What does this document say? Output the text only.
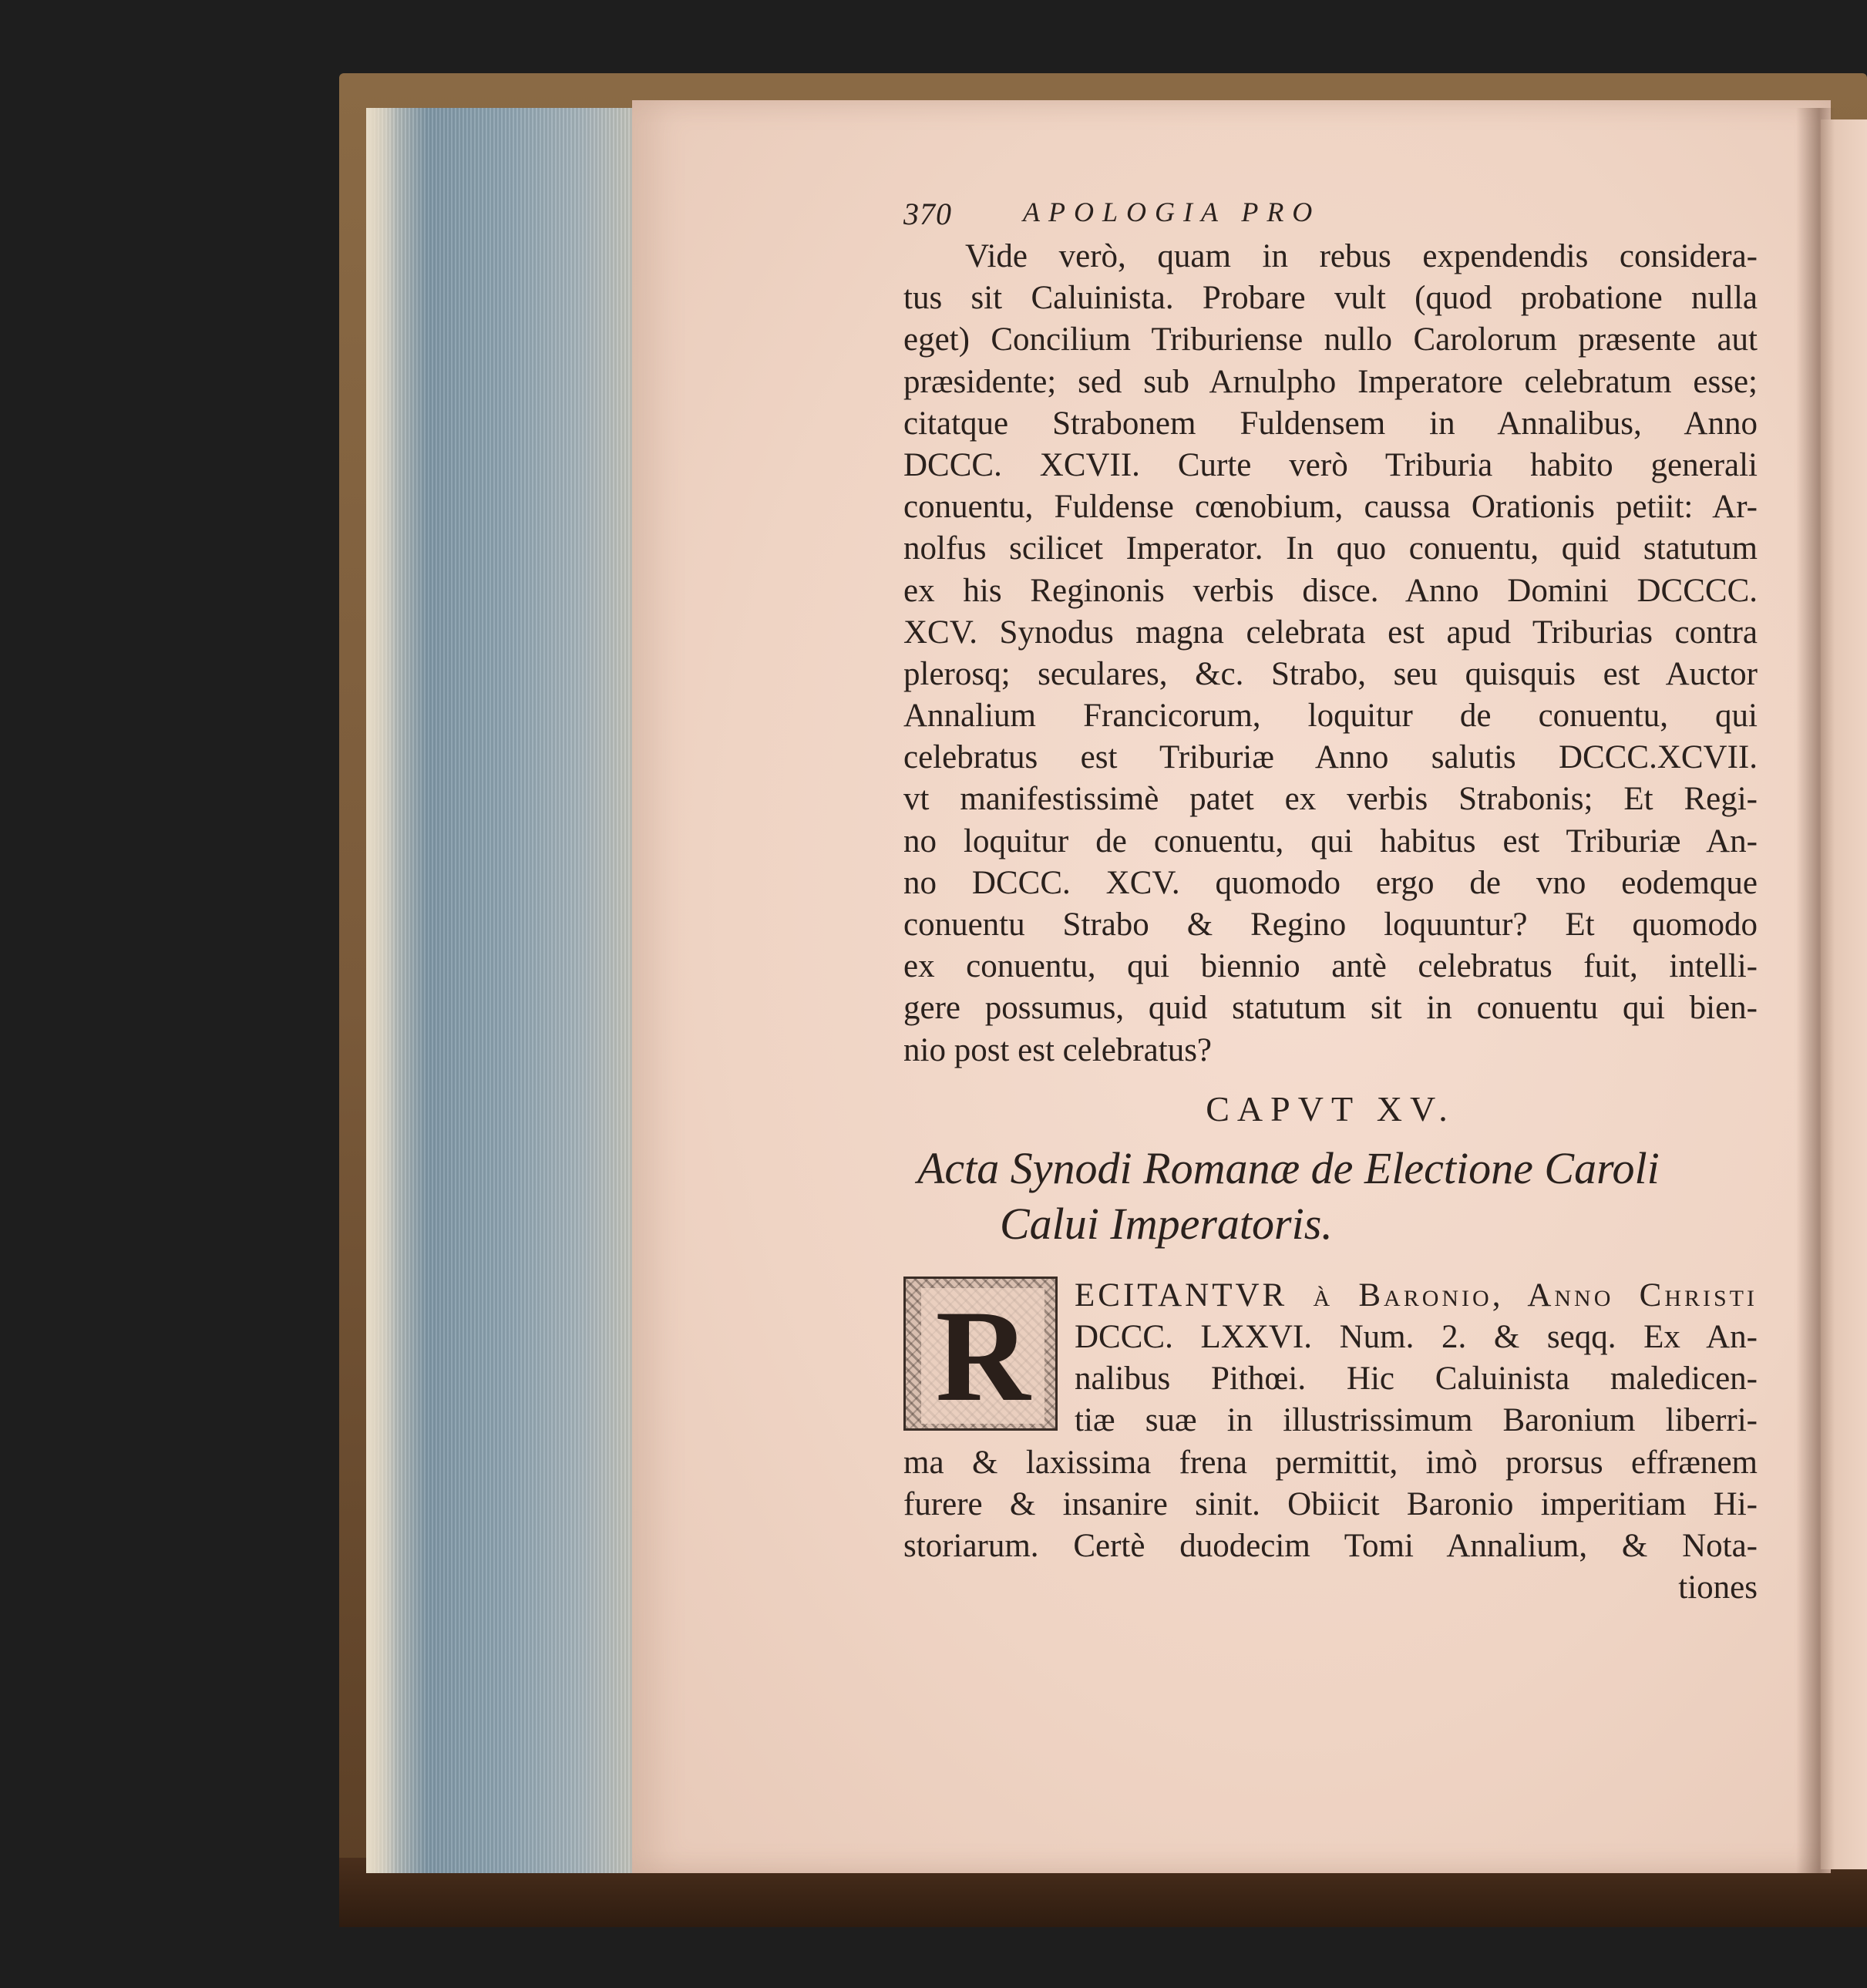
370	APOLOGIA PRO

Vide verò, quam in rebus expendendis considera-
tus sit Caluinista. Probare vult (quod probatione nulla
eget) Concilium Triburiense nullo Carolorum præsente aut
præsidente; sed sub Arnulpho Imperatore celebratum esse;
citatque Strabonem Fuldensem in Annalibus, Anno
DCCC. XCVII. Curte verò Triburia habito generali
conuentu, Fuldense cœnobium, caussa Orationis petiit: Ar-
nolfus scilicet Imperator. In quo conuentu, quid statutum
ex his Reginonis verbis disce. Anno Domini DCCCC.
XCV. Synodus magna celebrata est apud Triburias contra
plerosq; seculares, &c. Strabo, seu quisquis est Auctor
Annalium Francicorum, loquitur de conuentu, qui
celebratus est Triburiæ Anno salutis DCCC.XCVII.
vt manifestissimè patet ex verbis Strabonis; Et Regi-
no loquitur de conuentu, qui habitus est Triburiæ An-
no DCCC. XCV. quomodo ergo de vno eodemque
conuentu Strabo & Regino loquuntur? Et quomodo
ex conuentu, qui biennio antè celebratus fuit, intelli-
gere possumus, quid statutum sit in conuentu qui bien-
nio post est celebratus?

CAPVT XV.
Acta Synodi Romanæ de Electione Caroli
Calui Imperatoris.
R	ECITANTVR à Baronio, Anno Christi
DCCC. LXXVI. Num. 2. & seqq. Ex An-
nalibus Pithœi. Hic Caluinista maledicen-
tiæ suæ in illustrissimum Baronium liberri-
ma & laxissima frena permittit, imò prorsus effrænem
furere & insanire sinit. Obiicit Baronio imperitiam Hi-
storiarum. Certè duodecim Tomi Annalium, & Nota-
tiones
